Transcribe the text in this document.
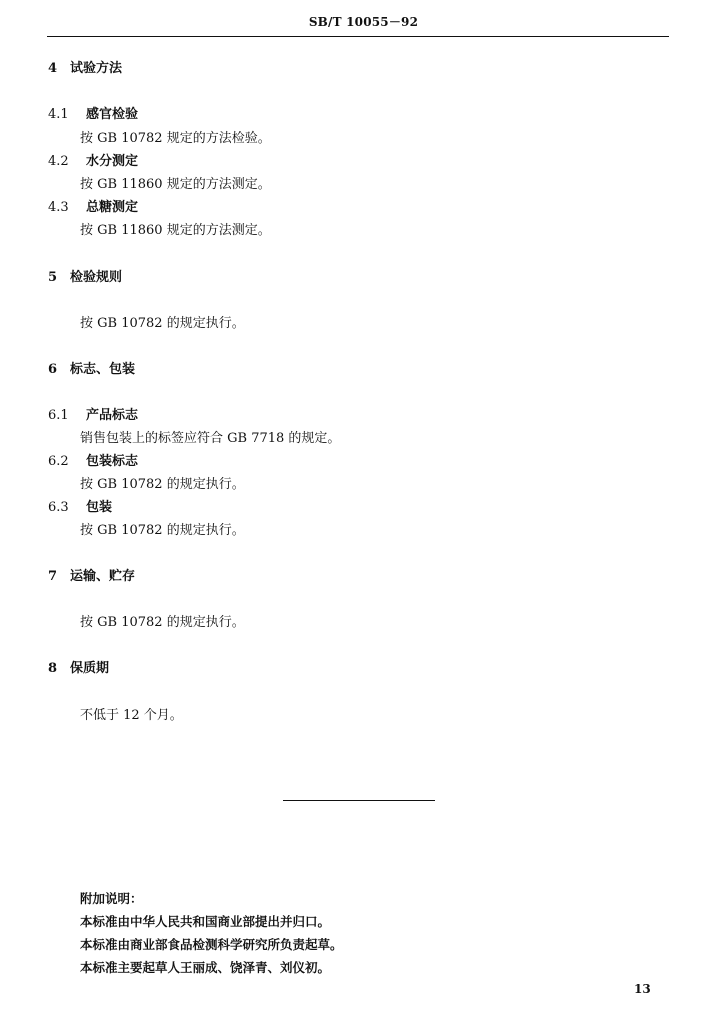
SB/T 10055－92
4 试验方法
4.1 感官检验
按 GB 10782 规定的方法检验。
4.2 水分测定
按 GB 11860 规定的方法测定。
4.3 总糖测定
按 GB 11860 规定的方法测定。
5 检验规则
按 GB 10782 的规定执行。
6 标志、包装
6.1 产品标志
销售包装上的标签应符合 GB 7718 的规定。
6.2 包装标志
按 GB 10782 的规定执行。
6.3 包装
按 GB 10782 的规定执行。
7 运输、贮存
按 GB 10782 的规定执行。
8 保质期
不低于 12 个月。
附加说明：
本标准由中华人民共和国商业部提出并归口。
本标准由商业部食品检测科学研究所负责起草。
本标准主要起草人王丽成、饶泽青、刘仪初。
13
